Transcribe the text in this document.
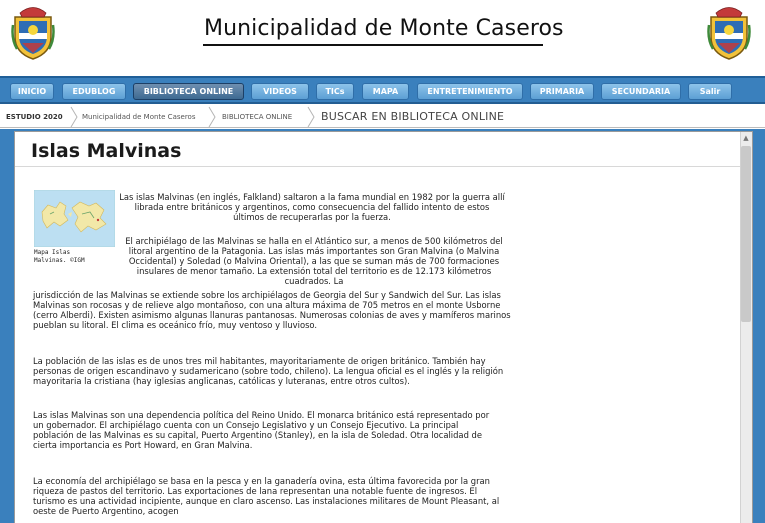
Municipalidad de Monte Caseros
INICIO	EDUBLOG	BIBLIOTECA ONLINE	VIDEOS	TICs	MAPA	ENTRETENIMIENTO	PRIMARIA	SECUNDARIA	Salir
ESTUDIO 2020	Municipalidad de Monte Caseros	BIBLIOTECA ONLINE	BUSCAR EN BIBLIOTECA ONLINE
Islas Malvinas
Mapa Islas
Malvinas. ©IGM
Las islas Malvinas (en inglés, Falkland) saltaron a la fama mundial en 1982 por la guerra allí librada entre británicos y argentinos, como consecuencia del fallido intento de estos últimos de recuperarlas por la fuerza.
El archipiélago de las Malvinas se halla en el Atlántico sur, a menos de 500 kilómetros del litoral argentino de la Patagonia. Las islas más importantes son Gran Malvina (o Malvina Occidental) y Soledad (o Malvina Oriental), a las que se suman más de 700 formaciones insulares de menor tamaño. La extensión total del territorio es de 12.173 kilómetros cuadrados. La
jurisdicción de las Malvinas se extiende sobre los archipiélagos de Georgia del Sur y Sandwich del Sur. Las islas Malvinas son rocosas y de relieve algo montañoso, con una altura máxima de 705 metros en el monte Usborne (cerro Alberdi). Existen asimismo algunas llanuras pantanosas. Numerosas colonias de aves y mamíferos marinos pueblan su litoral. El clima es oceánico frío, muy ventoso y lluvioso.
La población de las islas es de unos tres mil habitantes, mayoritariamente de origen británico. También hay personas de origen escandinavo y sudamericano (sobre todo, chileno). La lengua oficial es el inglés y la religión mayoritaria la cristiana (hay iglesias anglicanas, católicas y luteranas, entre otros cultos).
Las islas Malvinas son una dependencia política del Reino Unido. El monarca británico está representado por un gobernador. El archipiélago cuenta con un Consejo Legislativo y un Consejo Ejecutivo. La principal población de las Malvinas es su capital, Puerto Argentino (Stanley), en la isla de Soledad. Otra localidad de cierta importancia es Port Howard, en Gran Malvina.
La economía del archipiélago se basa en la pesca y en la ganadería ovina, esta última favorecida por la gran riqueza de pastos del territorio. Las exportaciones de lana representan una notable fuente de ingresos. El turismo es una actividad incipiente, aunque en claro ascenso. Las instalaciones militares de Mount Pleasant, al oeste de Puerto Argentino, acogen
▲
